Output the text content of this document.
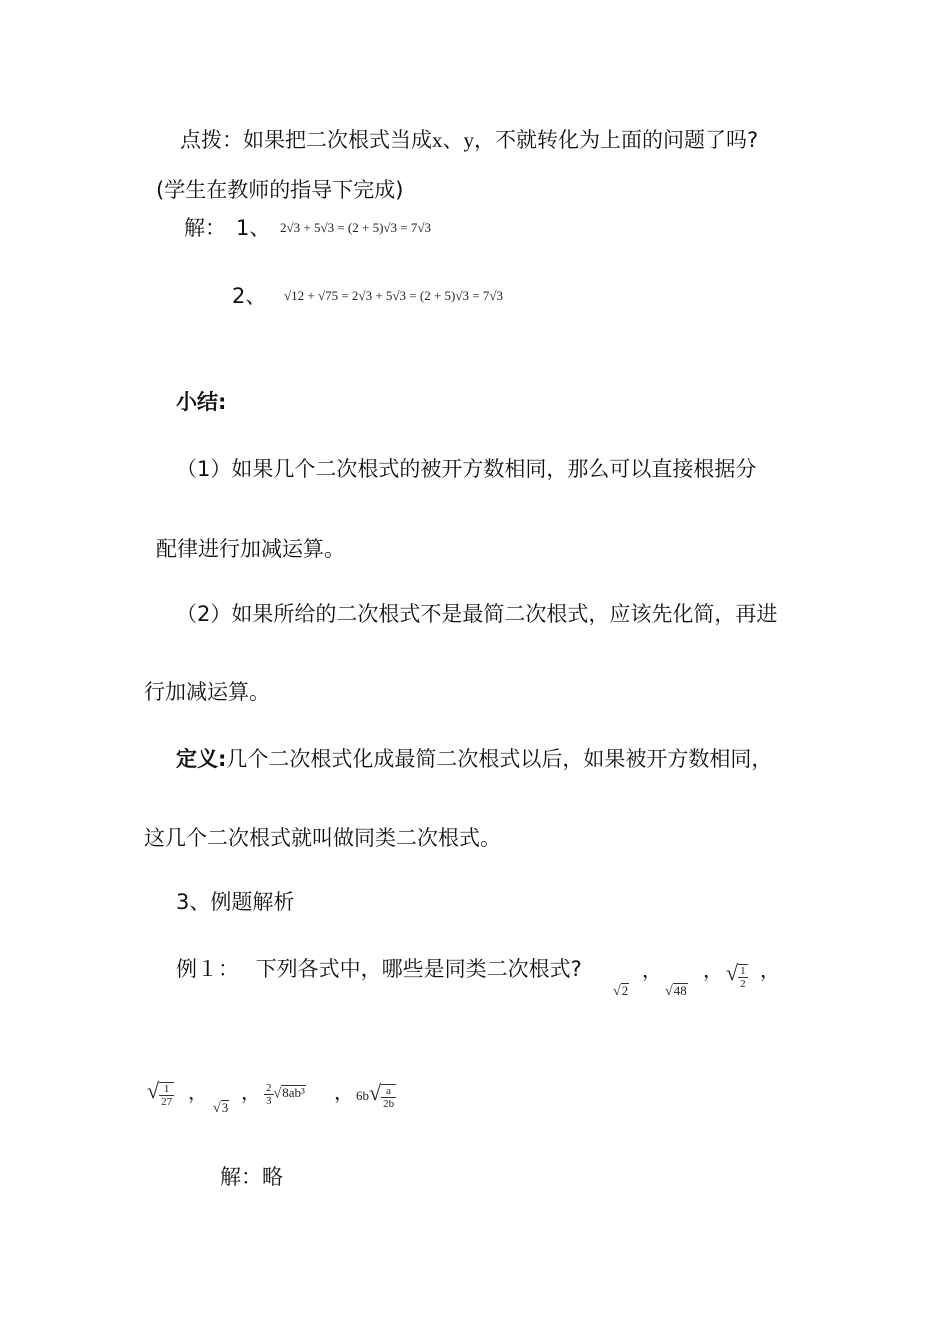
点拨：如果把二次根式当成x、y，不就转化为上面的问题了吗?
(学生在教师的指导下完成)
解： 1、 2√3 + 5√3 = (2 + 5)√3 = 7√3
2、 √12 + √75 = 2√3 + 5√3 = (2 + 5)√3 = 7√3
小结:
（1）如果几个二次根式的被开方数相同，那么可以直接根据分
配律进行加减运算。
（2）如果所给的二次根式不是最简二次根式，应该先化简，再进
行加减运算。
定义:几个二次根式化成最简二次根式以后，如果被开方数相同，
这几个二次根式就叫做同类二次根式。
3、例题解析
例１： 下列各式中，哪些是同类二次根式?
√2
，
√48
， √ $\frac{1}{2}$ ，
√ $\frac{1}{27}$ ，
√3
， $\frac{2}{3} √8ab^3$ ， $6b√ \frac{a}{2b}$
解：略
